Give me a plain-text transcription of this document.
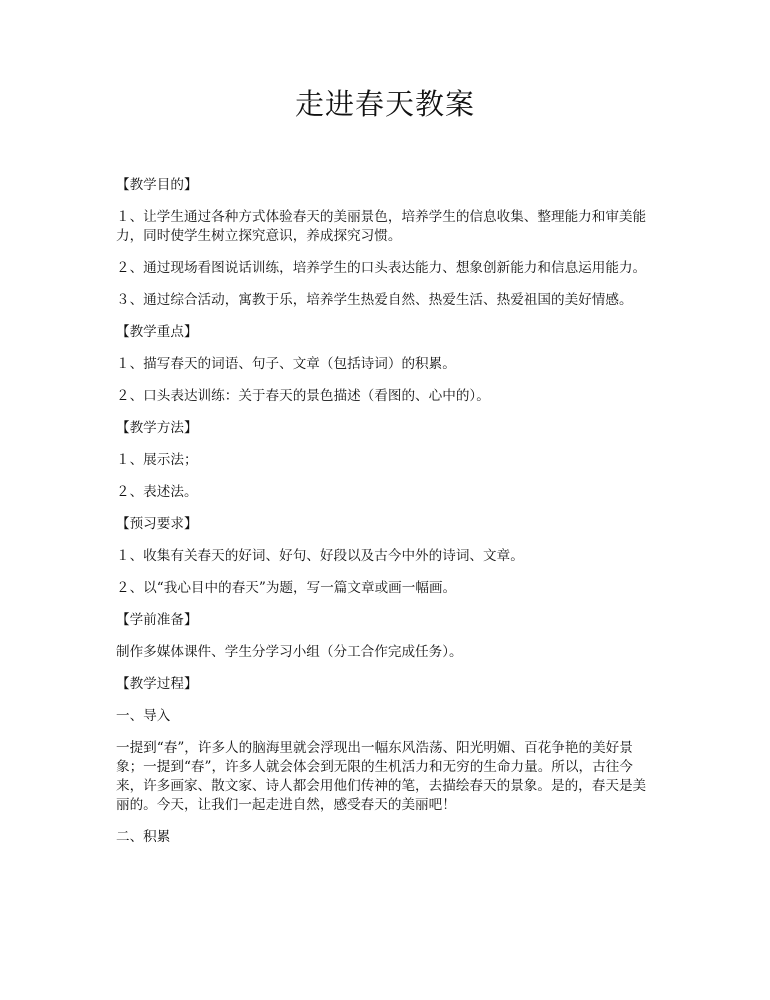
走进春天教案

【教学目的】

１、让学生通过各种方式体验春天的美丽景色，培养学生的信息收集、整理能力和审美能力，同时使学生树立探究意识，养成探究习惯。

２、通过现场看图说话训练，培养学生的口头表达能力、想象创新能力和信息运用能力。

３、通过综合活动，寓教于乐，培养学生热爱自然、热爱生活、热爱祖国的美好情感。

【教学重点】

１、描写春天的词语、句子、文章（包括诗词）的积累。

２、口头表达训练：关于春天的景色描述（看图的、心中的）。

【教学方法】

１、展示法；

２、表述法。

【预习要求】

１、收集有关春天的好词、好句、好段以及古今中外的诗词、文章。

２、以“我心目中的春天”为题，写一篇文章或画一幅画。

【学前准备】

制作多媒体课件、学生分学习小组（分工合作完成任务）。

【教学过程】

一、导入

一提到“春”，许多人的脑海里就会浮现出一幅东风浩荡、阳光明媚、百花争艳的美好景象；一提到“春”，许多人就会体会到无限的生机活力和无穷的生命力量。所以，古往今来，许多画家、散文家、诗人都会用他们传神的笔，去描绘春天的景象。是的，春天是美丽的。今天，让我们一起走进自然，感受春天的美丽吧！

二、积累
